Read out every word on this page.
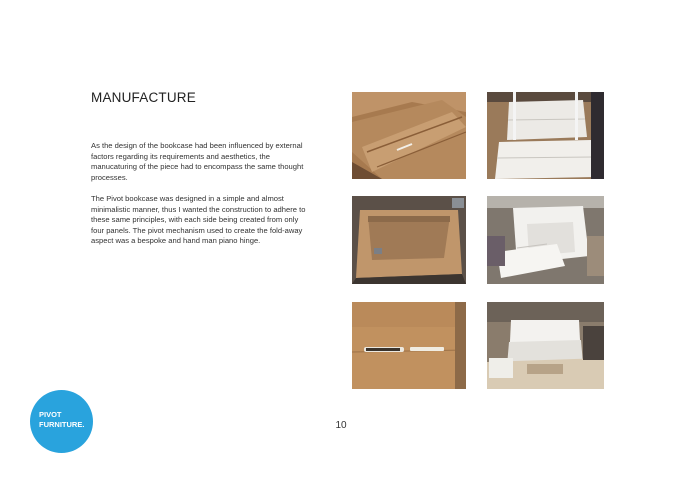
MANUFACTURE

As the design of the bookcase had been influenced by external factors regarding its requirements and aesthetics, the manucaturing of the piece had to encompass the same thought processes.

The Pivot bookcase was designed in a simple and almost minimalistic manner, thus I wanted the construction to adhere to these same principles, with each side being created from only four panels. The pivot mechanism used to create the fold-away aspect was a bespoke and hand man piano hinge.

10
PIVOT
FURNITURE.
